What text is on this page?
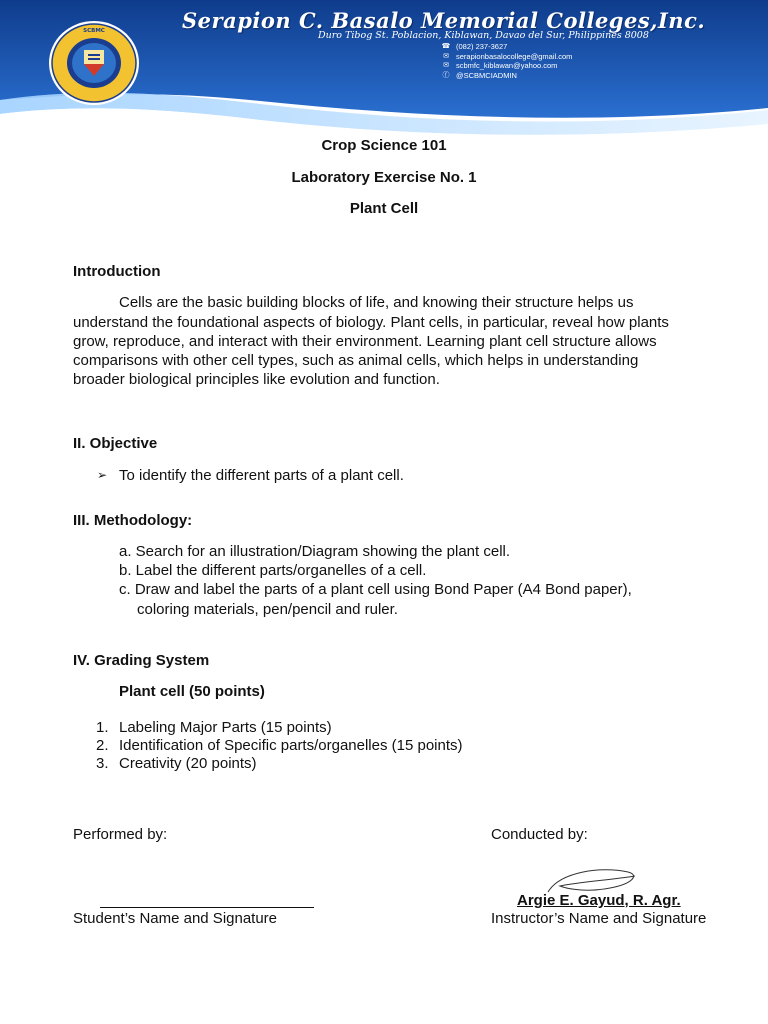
SCBMC	Serapion C. Basalo Memorial Colleges,Inc.
Duro Tibog St. Poblacion, Kiblawan, Davao del Sur, Philippines 8008
☎ (082) 237-3627
✉ serapionbasalocollege@gmail.com
✉ scbmfc_kiblawan@yahoo.com
ⓕ @SCBMCIADMIN
Crop Science 101
Laboratory Exercise No. 1
Plant Cell
Introduction
Cells are the basic building blocks of life, and knowing their structure helps us
understand the foundational aspects of biology. Plant cells, in particular, reveal how plants
grow, reproduce, and interact with their environment. Learning plant cell structure allows
comparisons with other cell types, such as animal cells, which helps in understanding
broader biological principles like evolution and function.
II. Objective
➢ To identify the different parts of a plant cell.
III. Methodology:
a. Search for an illustration/Diagram showing the plant cell.
b. Label the different parts/organelles of a cell.
c. Draw and label the parts of a plant cell using Bond Paper (A4 Bond paper),
coloring materials, pen/pencil and ruler.
IV. Grading System
Plant cell (50 points)
1. Labeling Major Parts (15 points)
2. Identification of Specific parts/organelles (15 points)
3. Creativity (20 points)
Performed by:	Conducted by:
Argie E. Gayud, R. Agr.
Student’s Name and Signature	Instructor’s Name and Signature
